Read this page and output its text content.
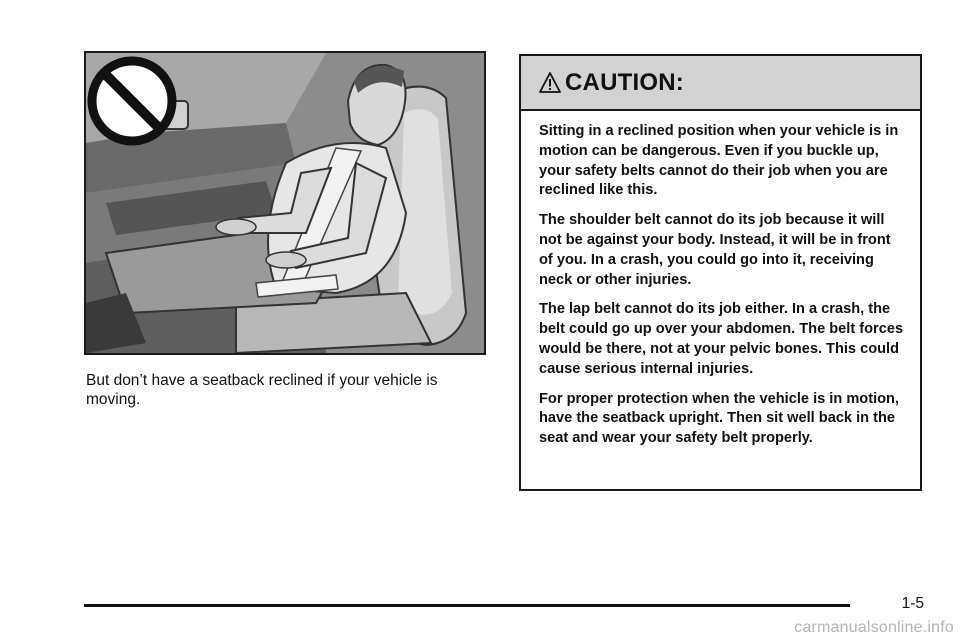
But don’t have a seatback reclined if your vehicle is moving.

CAUTION:

Sitting in a reclined position when your vehicle is in motion can be dangerous. Even if you buckle up, your safety belts cannot do their job when you are reclined like this.

The shoulder belt cannot do its job because it will not be against your body. Instead, it will be in front of you. In a crash, you could go into it, receiving neck or other injuries.

The lap belt cannot do its job either. In a crash, the belt could go up over your abdomen. The belt forces would be there, not at your pelvic bones. This could cause serious internal injuries.

For proper protection when the vehicle is in motion, have the seatback upright. Then sit well back in the seat and wear your safety belt properly.

1-5
carmanualsonline.info
